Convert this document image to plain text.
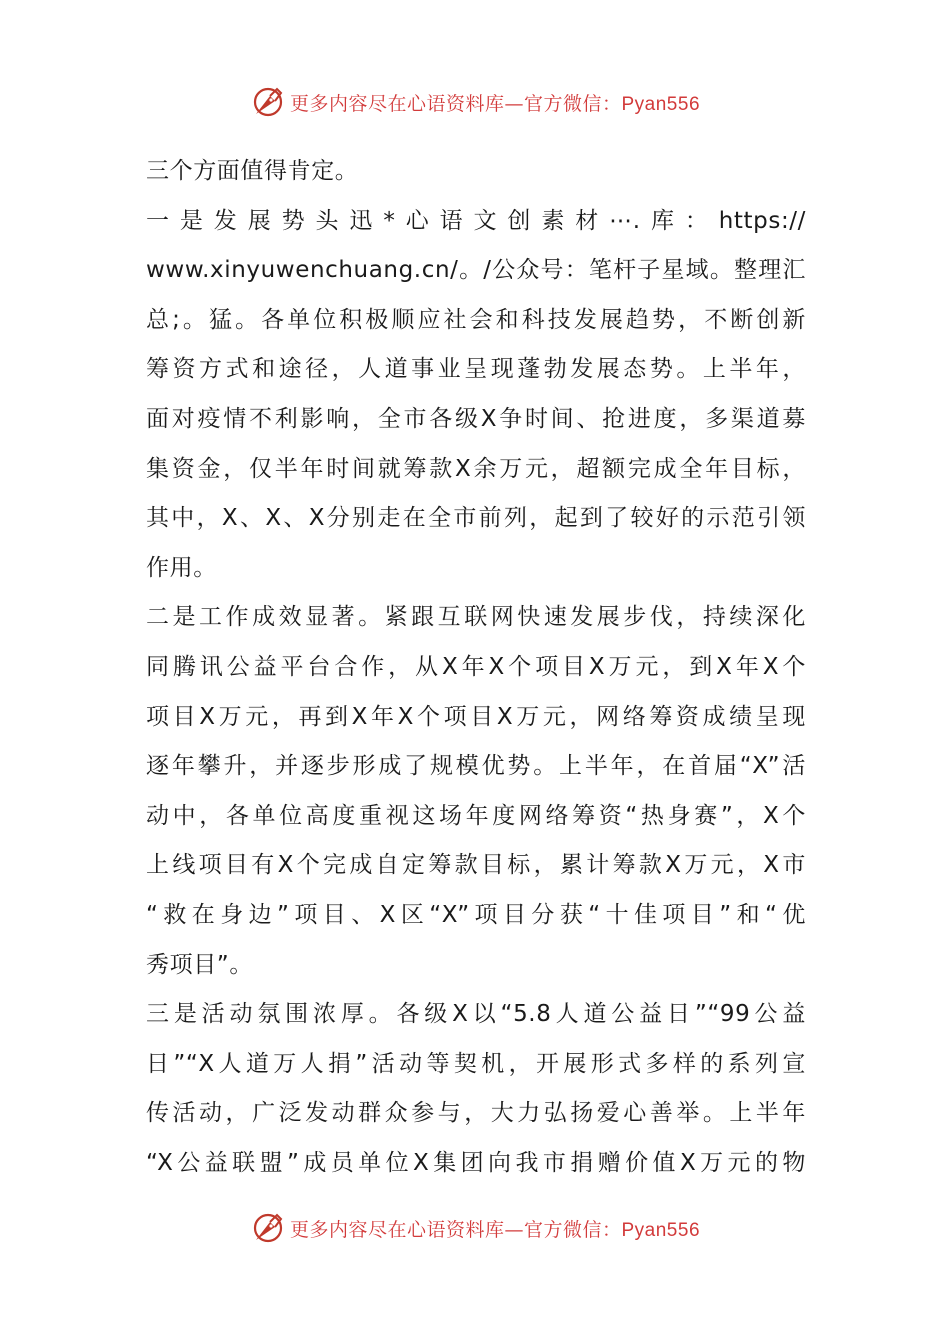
更多内容尽在心语资料库—官方微信：Pyan556
三个方面值得肯定。
一是发展势头迅*心语文创素材⋯.库：https://
www.xinyuwenchuang.cn/。/公众号：笔杆子星域。整理汇
总;。猛。各单位积极顺应社会和科技发展趋势，不断创新
筹资方式和途径，人道事业呈现蓬勃发展态势。上半年，
面对疫情不利影响，全市各级X争时间、抢进度，多渠道募
集资金，仅半年时间就筹款X余万元，超额完成全年目标，
其中，X、X、X分别走在全市前列，起到了较好的示范引领
作用。
二是工作成效显著。紧跟互联网快速发展步伐，持续深化
同腾讯公益平台合作，从X年X个项目X万元，到X年X个
项目X万元，再到X年X个项目X万元，网络筹资成绩呈现
逐年攀升，并逐步形成了规模优势。上半年，在首届“X”活
动中，各单位高度重视这场年度网络筹资“热身赛”，X个
上线项目有X个完成自定筹款目标，累计筹款X万元，X市
“救在身边”项目、X区“X”项目分获“十佳项目”和“优
秀项目”。
三是活动氛围浓厚。各级X以“5.8人道公益日”“99公益
日”“X人道万人捐”活动等契机，开展形式多样的系列宣
传活动，广泛发动群众参与，大力弘扬爱心善举。上半年
“X公益联盟”成员单位X集团向我市捐赠价值X万元的物
更多内容尽在心语资料库—官方微信：Pyan556
